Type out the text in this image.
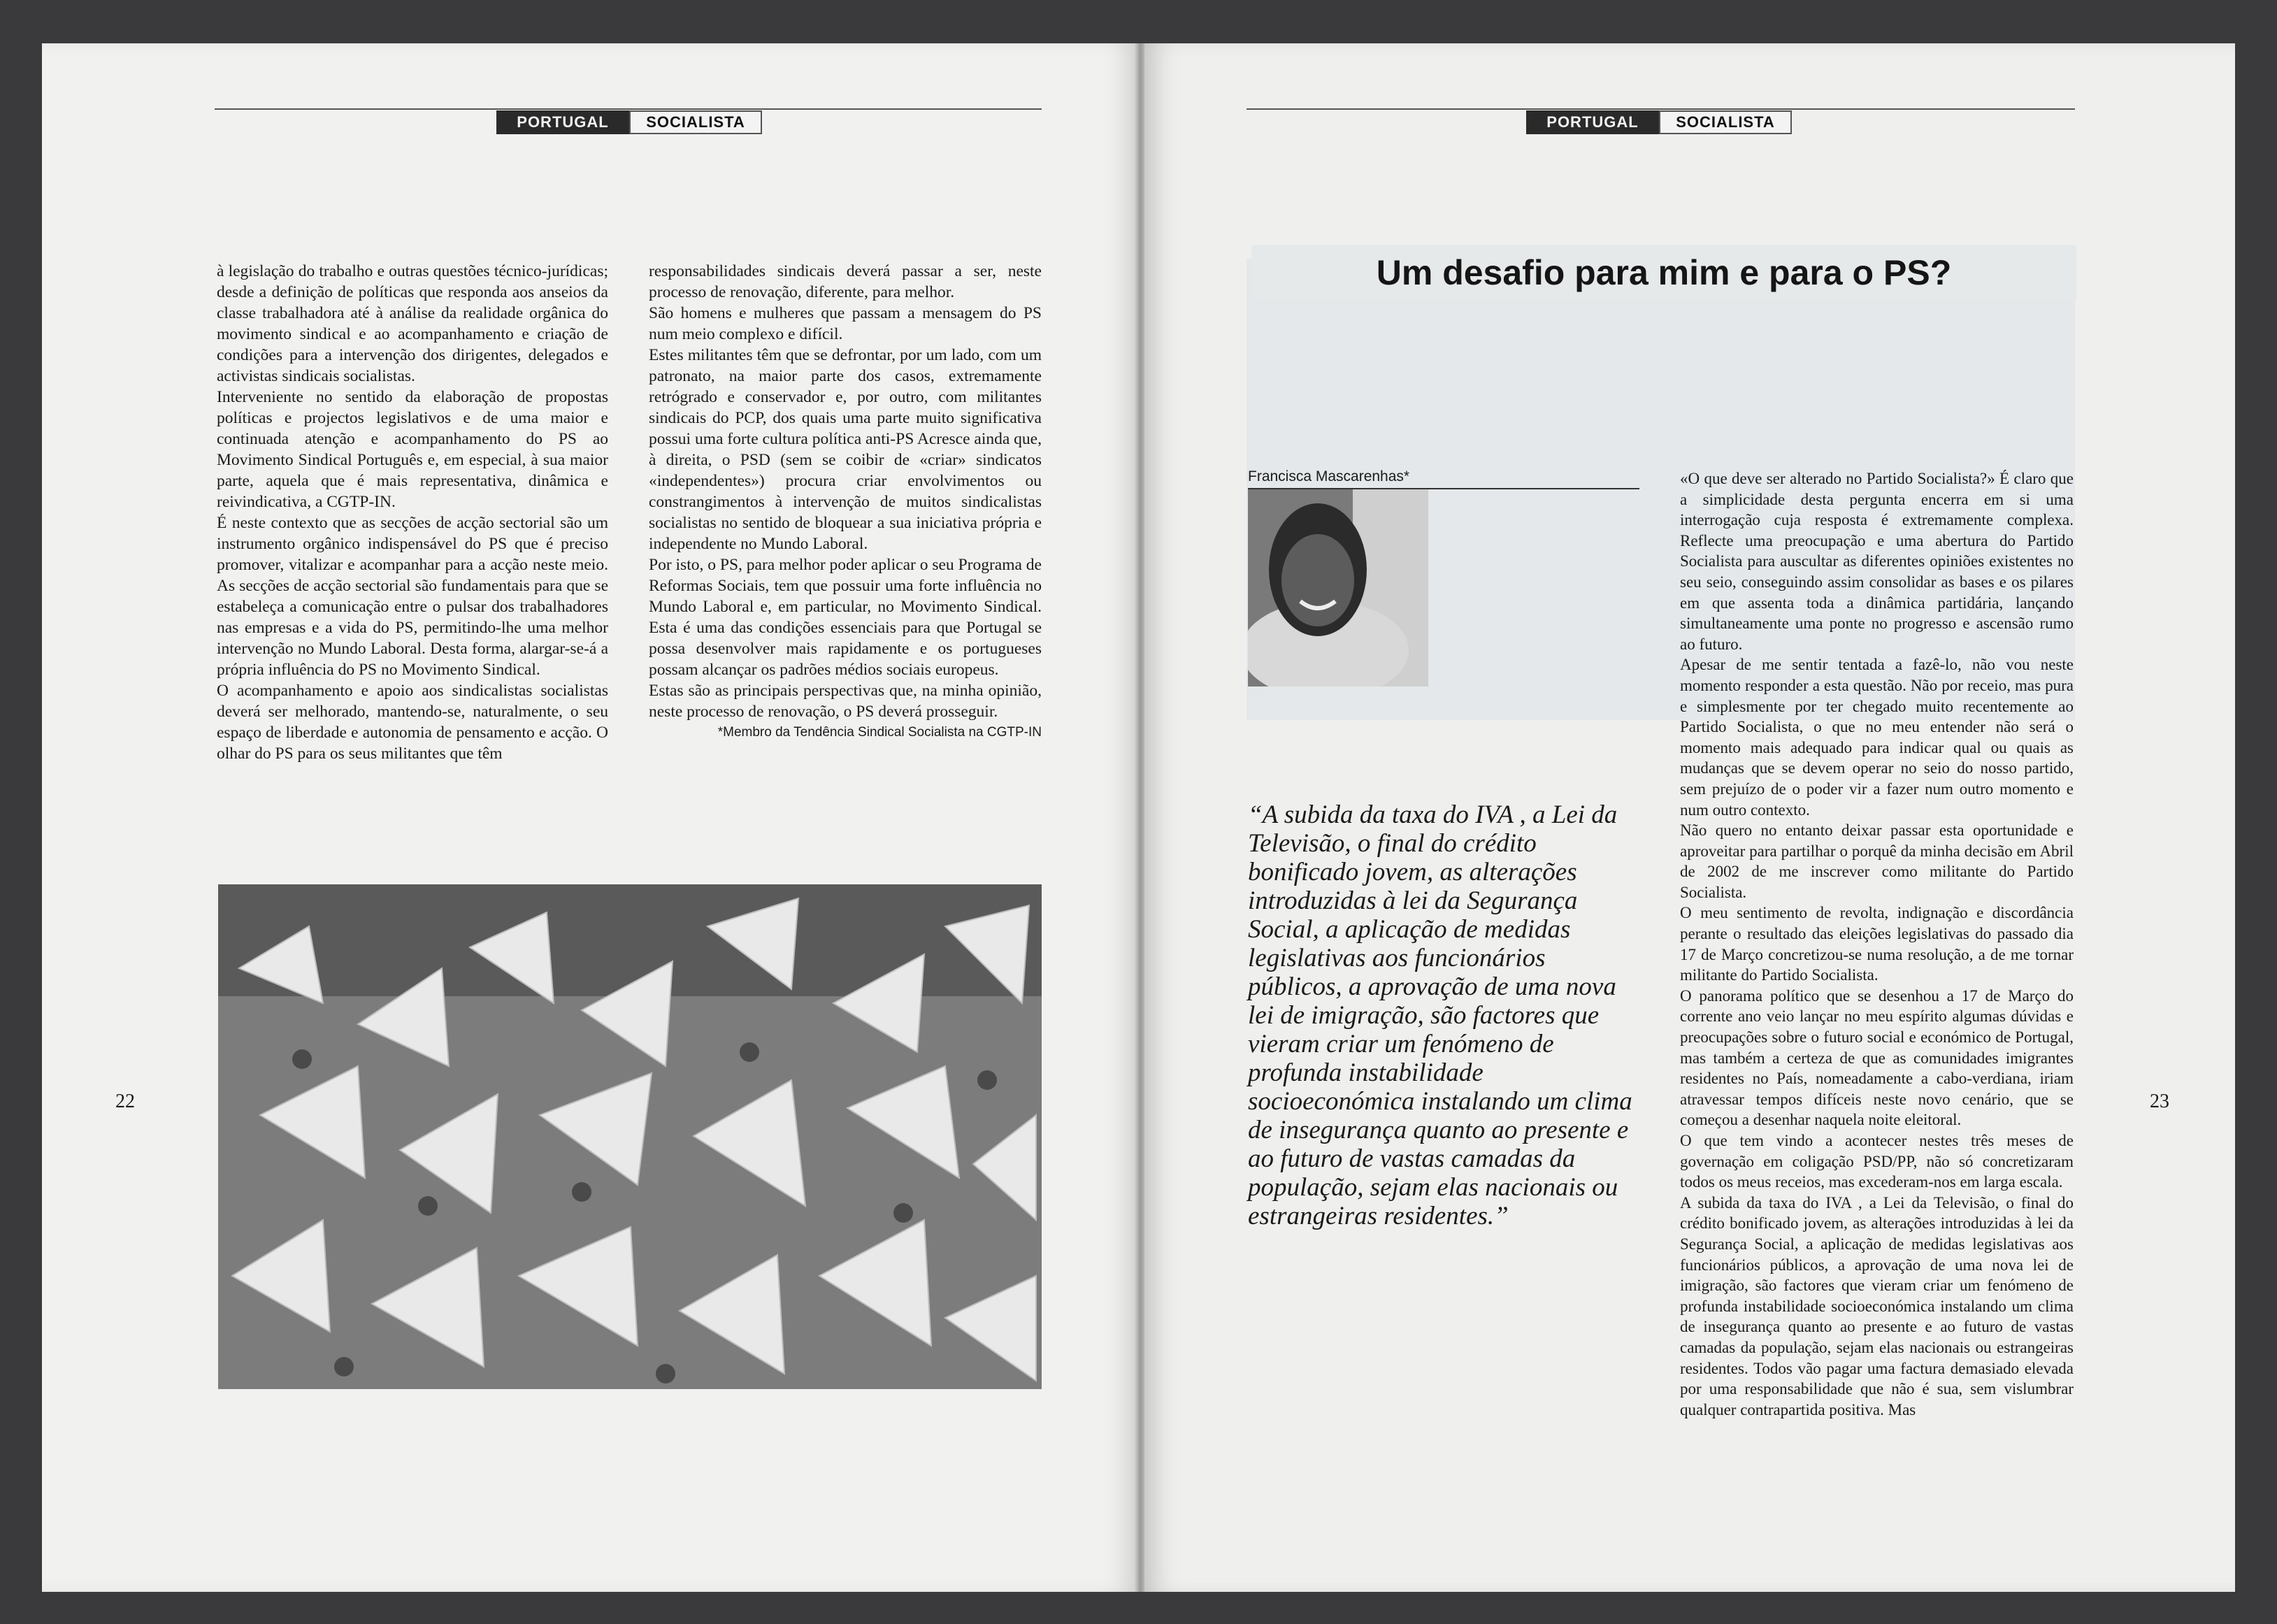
PORTUGAL	SOCIALISTA

à legislação do trabalho e outras questões técnico-jurídicas; desde a definição de políticas que responda aos anseios da classe trabalhadora até à análise da realidade orgânica do movimento sindical e ao acompanhamento e criação de condições para a intervenção dos dirigentes, delegados e activistas sindicais socialistas.

Interveniente no sentido da elaboração de propostas políticas e projectos legislativos e de uma maior e continuada atenção e acompanhamento do PS ao Movimento Sindical Português e, em especial, à sua maior parte, aquela que é mais representativa, dinâmica e reivindicativa, a CGTP-IN.

É neste contexto que as secções de acção sectorial são um instrumento orgânico indispensável do PS que é preciso promover, vitalizar e acompanhar para a acção neste meio. As secções de acção sectorial são fundamentais para que se estabeleça a comunicação entre o pulsar dos trabalhadores nas empresas e a vida do PS, permitindo-lhe uma melhor intervenção no Mundo Laboral. Desta forma, alargar-se-á a própria influência do PS no Movimento Sindical.

O acompanhamento e apoio aos sindicalistas socialistas deverá ser melhorado, mantendo-se, naturalmente, o seu espaço de liberdade e autonomia de pensamento e acção. O olhar do PS para os seus militantes que têm

responsabilidades sindicais deverá passar a ser, neste processo de renovação, diferente, para melhor.

São homens e mulheres que passam a mensagem do PS num meio complexo e difícil.

Estes militantes têm que se defrontar, por um lado, com um patronato, na maior parte dos casos, extremamente retrógrado e conservador e, por outro, com militantes sindicais do PCP, dos quais uma parte muito significativa possui uma forte cultura política anti-PS Acresce ainda que, à direita, o PSD (sem se coibir de «criar» sindicatos «independentes») procura criar envolvimentos ou constrangimentos à intervenção de muitos sindicalistas socialistas no sentido de bloquear a sua iniciativa própria e independente no Mundo Laboral.

Por isto, o PS, para melhor poder aplicar o seu Programa de Reformas Sociais, tem que possuir uma forte influência no Mundo Laboral e, em particular, no Movimento Sindical. Esta é uma das condições essenciais para que Portugal se possa desenvolver mais rapidamente e os portugueses possam alcançar os padrões médios sociais europeus.

Estas são as principais perspectivas que, na minha opinião, neste processo de renovação, o PS deverá prosseguir.

*Membro da Tendência Sindical Socialista na CGTP-IN

22
PORTUGAL	SOCIALISTA
Um desafio para mim e para o PS?
Francisca Mascarenhas*
“A subida da taxa do IVA , a Lei da Televisão, o final do crédito bonificado jovem, as alterações introduzidas à lei da Segurança Social, a aplicação de medidas legislativas aos funcionários públicos, a aprovação de uma nova lei de imigração, são factores que vieram criar um fenómeno de profunda instabilidade socioeconómica instalando um clima de insegurança quanto ao presente e ao futuro de vastas camadas da população, sejam elas nacionais ou estrangeiras residentes.”

«O que deve ser alterado no Partido Socialista?» É claro que a simplicidade desta pergunta encerra em si uma interrogação cuja resposta é extremamente complexa. Reflecte uma preocupação e uma abertura do Partido Socialista para auscultar as diferentes opiniões existentes no seu seio, conseguindo assim consolidar as bases e os pilares em que assenta toda a dinâmica partidária, lançando simultaneamente uma ponte no progresso e ascensão rumo ao futuro.

Apesar de me sentir tentada a fazê-lo, não vou neste momento responder a esta questão. Não por receio, mas pura e simplesmente por ter chegado muito recentemente ao Partido Socialista, o que no meu entender não será o momento mais adequado para indicar qual ou quais as mudanças que se devem operar no seio do nosso partido, sem prejuízo de o poder vir a fazer num outro momento e num outro contexto.

Não quero no entanto deixar passar esta oportunidade e aproveitar para partilhar o porquê da minha decisão em Abril de 2002 de me inscrever como militante do Partido Socialista.

O meu sentimento de revolta, indignação e discordância perante o resultado das eleições legislativas do passado dia 17 de Março concretizou-se numa resolução, a de me tornar militante do Partido Socialista.

O panorama político que se desenhou a 17 de Março do corrente ano veio lançar no meu espírito algumas dúvidas e preocupações sobre o futuro social e económico de Portugal, mas também a certeza de que as comunidades imigrantes residentes no País, nomeadamente a cabo-verdiana, iriam atravessar tempos difíceis neste novo cenário, que se começou a desenhar naquela noite eleitoral.

O que tem vindo a acontecer nestes três meses de governação em coligação PSD/PP, não só concretizaram todos os meus receios, mas excederam-nos em larga escala.

A subida da taxa do IVA , a Lei da Televisão, o final do crédito bonificado jovem, as alterações introduzidas à lei da Segurança Social, a aplicação de medidas legislativas aos funcionários públicos, a aprovação de uma nova lei de imigração, são factores que vieram criar um fenómeno de profunda instabilidade socioeconómica instalando um clima de insegurança quanto ao presente e ao futuro de vastas camadas da população, sejam elas nacionais ou estrangeiras residentes. Todos vão pagar uma factura demasiado elevada por uma responsabilidade que não é sua, sem vislumbrar qualquer contrapartida positiva. Mas

23
